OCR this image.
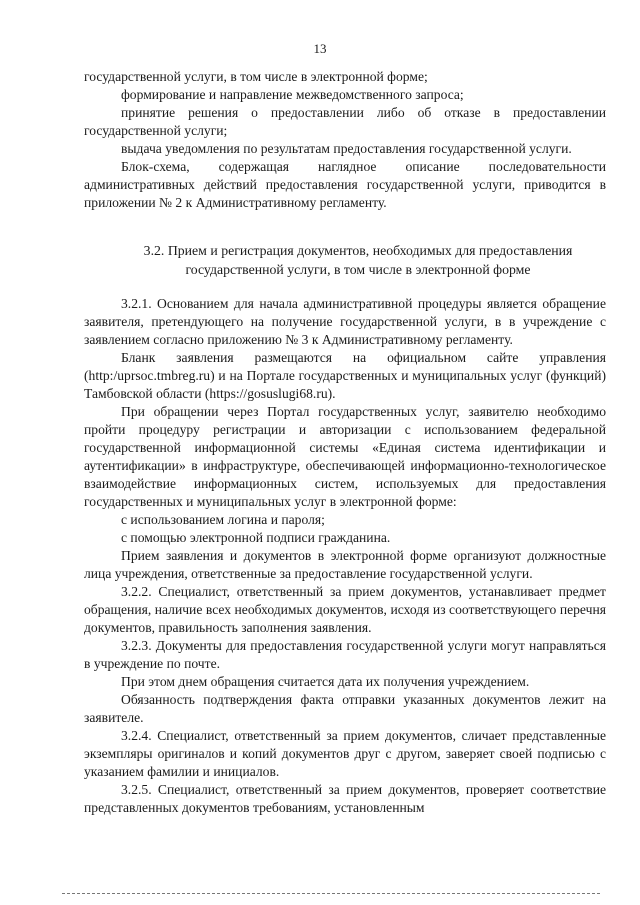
13

государственной услуги, в том числе в электронной форме;

формирование и направление межведомственного запроса;

принятие решения о предоставлении либо об отказе в предоставлении государственной услуги;

выдача уведомления по результатам предоставления государственной услуги.

Блок-схема, содержащая наглядное описание последовательности административных действий предоставления государственной услуги, приводится в приложении № 2 к Административному регламенту.

3.2. Прием и регистрация документов, необходимых для предоставления государственной услуги, в том числе в электронной форме

3.2.1. Основанием для начала административной процедуры является обращение заявителя, претендующего на получение государственной услуги, в в учреждение с заявлением согласно приложению № 3 к Административному регламенту.

Бланк заявления размещаются на официальном сайте управления (http:/uprsoc.tmbreg.ru) и на Портале государственных и муниципальных услуг (функций) Тамбовской области (https://gosuslugi68.ru).

При обращении через Портал государственных услуг, заявителю необходимо пройти процедуру регистрации и авторизации с использованием федеральной государственной информационной системы «Единая система идентификации и аутентификации» в инфраструктуре, обеспечивающей информационно-технологическое взаимодействие информационных систем, используемых для предоставления государственных и муниципальных услуг в электронной форме:

с использованием логина и пароля;

с помощью электронной подписи гражданина.

Прием заявления и документов в электронной форме организуют должностные лица учреждения, ответственные за предоставление государственной услуги.

3.2.2. Специалист, ответственный за прием документов, устанавливает предмет обращения, наличие всех необходимых документов, исходя из соответствующего перечня документов, правильность заполнения заявления.

3.2.3. Документы для предоставления государственной услуги могут направляться в учреждение по почте.

При этом днем обращения считается дата их получения учреждением.

Обязанность подтверждения факта отправки указанных документов лежит на заявителе.

3.2.4. Специалист, ответственный за прием документов, сличает представленные экземпляры оригиналов и копий документов друг с другом, заверяет своей подписью с указанием фамилии и инициалов.

3.2.5. Специалист, ответственный за прием документов, проверяет соответствие представленных документов требованиям, установленным
